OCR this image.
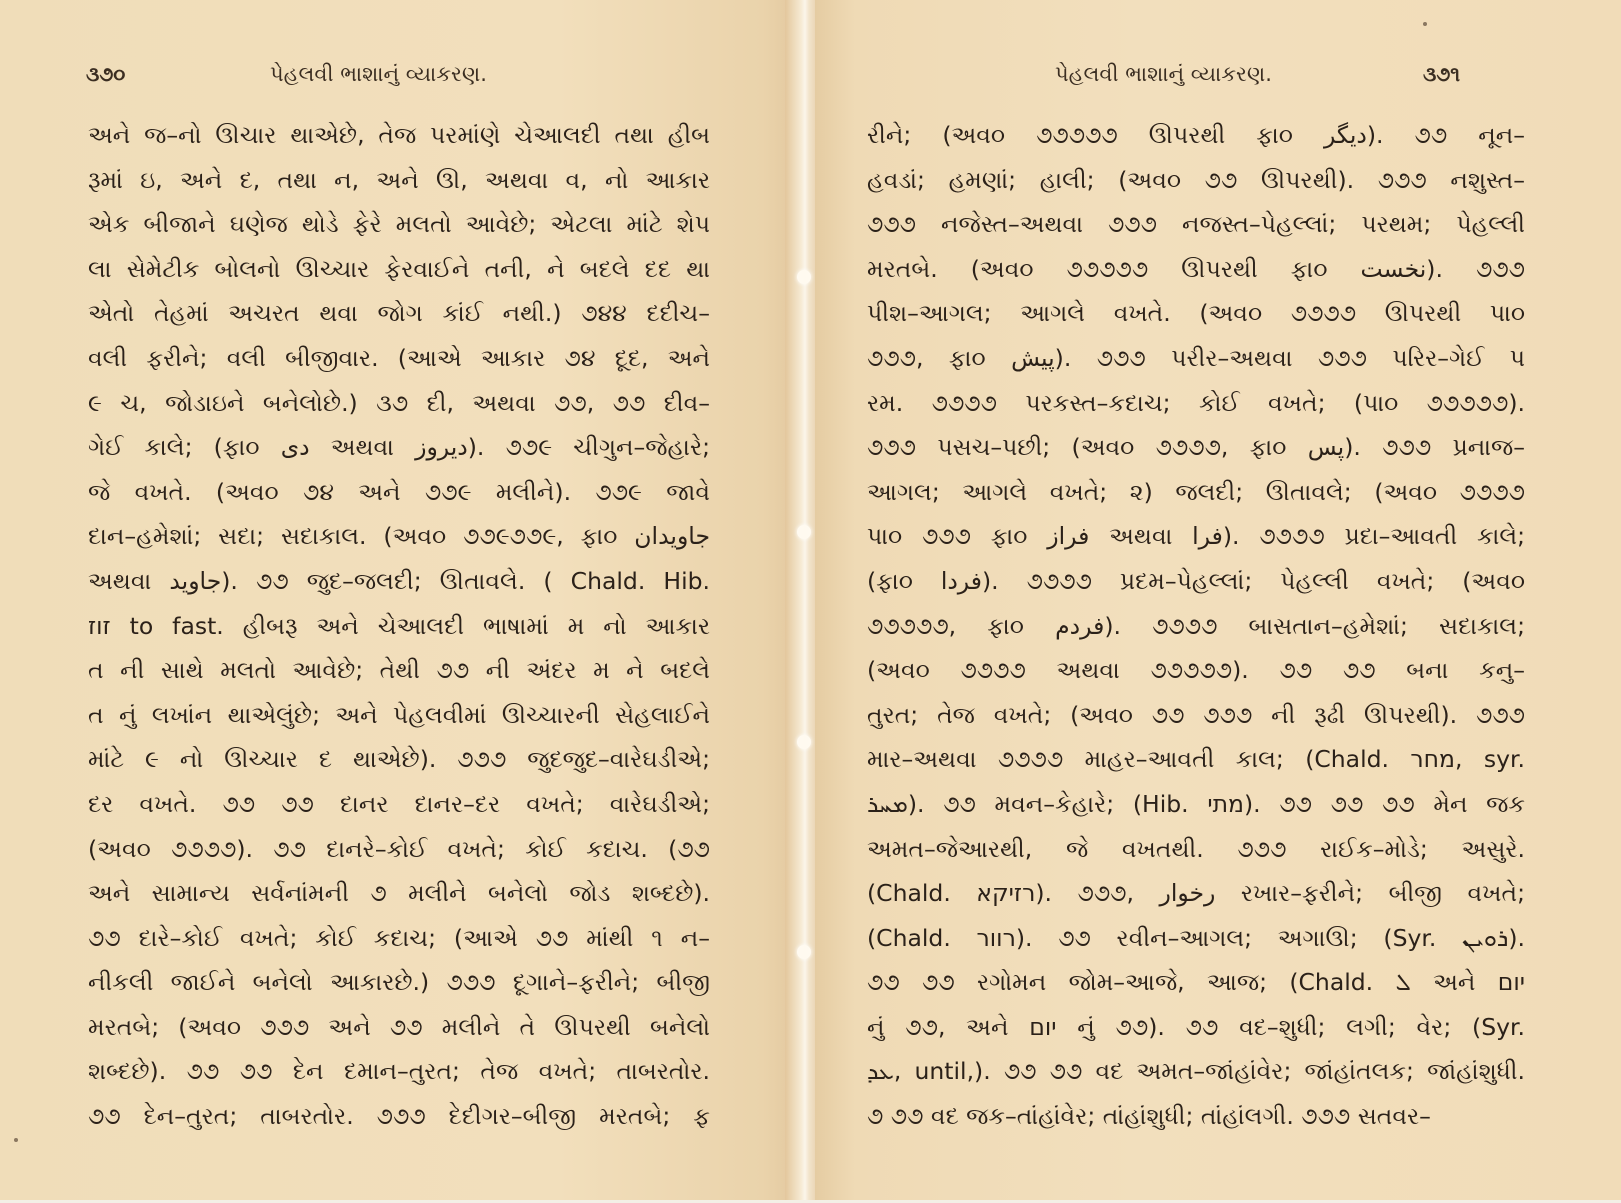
૩૭૦	પેહલવી ભાશાનું વ્યાકરણ.
અને જ–નો ઊચાર થાએછે, તેજ પરમાંણે ચેઆલદી તથા હીબ
રૂમાં ઇ, અને દ, તથા ન, અને ઊ, અથવા વ, નો આકાર
એક બીજાને ઘણેજ થોડે ફેરે મલતો આવેછે; એટલા માંટે શેપ
લા સેમેટીક બોલનો ઊચ્ચાર ફેરવાઈને તની, ને બદલે દદ થા
એતો તેહમાં અચરત થવા જોગ કાંઈ નથી.) ૭૪૪ દદીચ–
વલી ફરીને; વલી બીજીવાર. (આએ આકાર ૭૪ દૂદ, અને
૯ ચ, જોડાઇને બનેલોછે.) ૩૭ દી, અથવા ૭૭, ૭૭ દીવ–
ગેઈ કાલે; (ફા૦ دی અથવા دیروز). ૭૭૯ ચીગુન–જેહારે;
જે વખતે. (અવ૦ ૭૪ અને ૭૭૯ મલીને). ૭૭૯ જાવે
દાન–હમેશાં; સદા; સદાકાલ. (અવ૦ ૭૭૯૭૭૯, ફા૦ جاویدان
અથવા جاوید). ૭૭ જુદ–જલદી; ઊતાવલે. ( Chald. Hib.
זוז to fast. હીબરૂ અને ચેઆલદી ભાષામાં મ નો આકાર
ત ની સાથે મલતો આવેછે; તેથી ૭૭ ની અંદર મ ને બદલે
ત નું લખાંન થાએલુંછે; અને પેહલવીમાં ઊચ્ચારની સેહલાઈને
માંટે ૯ નો ઊચ્ચાર દ થાએછે). ૭૭૭ જુદજુદ–વારેઘડીએ;
દર વખતે. ૭૭ ૭૭ દાનર દાનર–દર વખતે; વારેઘડીએ;
(અવ૦ ૭૭૭૭). ૭૭ દાનરે–કોઈ વખતે; કોઈ કદાચ. (૭૭
અને સામાન્ય સર્વનાંમની ૭ મલીને બનેલો જોડ શબ્દછે).
૭૭ દારે–કોઈ વખતે; કોઈ કદાચ; (આએ ૭૭ માંથી ૧ ન–
નીકલી જાઈને બનેલો આકારછે.) ૭૭૭ દૂગાને–ફરીને; બીજી
મરતબે; (અવ૦ ૭૭૭ અને ૭૭ મલીને તે ઊપરથી બનેલો
શબ્દછે). ૭૭ ૭૭ દેન દમાન–તુરત; તેજ વખતે; તાબરતોર.
૭૭ દેન–તુરત; તાબરતોર. ૭૭૭ દેદીગર–બીજી મરતબે; ફ
પેહલવી ભાશાનું વ્યાકરણ.	૩૭૧
રીને; (અવ૦ ૭૭૭૭૭ ઊપરથી ફા૦ دیگر). ૭૭ નૂન–
હવડાં; હમણાં; હાલી; (અવ૦ ૭૭ ઊપરથી). ૭૭૭ નશુસ્ત–
૭૭૭ નજેસ્ત–અથવા ૭૭૭ નજસ્ત–પેહલ્લાં; પરથમ; પેહલ્લી
મરતબે. (અવ૦ ૭૭૭૭૭ ઊપરથી ફા૦ نخست). ૭૭૭
પીશ–આગલ; આગલે વખતે. (અવ૦ ૭૭૭૭ ઊપરથી પા૦
૭૭૭, ફા૦ پیش). ૭૭૭ પરીર–અથવા ૭૭૭ પરિર–ગેઈ પ
રમ. ૭૭૭૭ પરકસ્ત–કદાચ; કોઈ વખતે; (પા૦ ૭૭૭૭૭).
૭૭૭ પસચ–પછી; (અવ૦ ૭૭૭૭, ફા૦ پس). ૭૭૭ પ્રનાજ–
આગલ; આગલે વખતે; ૨) જલદી; ઊતાવલે; (અવ૦ ૭૭૭૭
પા૦ ૭૭૭ ફા૦ فراز અથવા فرا). ૭૭૭૭ પ્રદા–આવતી કાલે;
(ફા૦ فردا). ૭૭૭૭ પ્રદમ–પેહલ્લાં; પેહલ્લી વખતે; (અવ૦
૭૭૭૭૭, ફા૦ فردم). ૭૭૭૭ બાસતાન–હમેશાં; સદાકાલ;
(અવ૦ ૭૭૭૭ અથવા ૭૭૭૭૭). ૭૭ ૭૭ બના કનુ–
તુરત; તેજ વખતે; (અવ૦ ૭૭ ૭૭૭ ની રૂઢી ઊપરથી). ૭૭૭
માર–અથવા ૭૭૭૭ માહર–આવતી કાલ; (Chald. מחר, syr.
ܡܚܪ). ૭૭ મવન–કેહારે; (Hib. מתי). ૭૭ ૭૭ ૭૭ મેન જક
અમત–જેઆરથી, જે વખતથી. ૭૭૭ રાઈક–મોડે; અસુરે.
(Chald. רזיקא). ૭૭૭, رخوار રખાર–ફરીને; બીજી વખતે;
(Chald. רוור). ૭૭ રવીન–આગલ; અગાઊ; (Syr. ܪܘܝܢ).
૭૭ ૭૭ રગોમન જોમ–આજે, આજ; (Chald. ܠ અને יום
નું ૭૭, અને יום નું ૭૭). ૭૭ વદ–શુધી; લગી; વેર; (Syr.
ܥܕ, until,). ૭૭ ૭૭ વદ અમત–જાંહાંવેર; જાંહાંતલક; જાંહાંશુધી.
૭ ૭૭ વદ જક–તાંહાંવેર; તાંહાંશુધી; તાંહાંલગી. ૭૭૭ સતવર–
